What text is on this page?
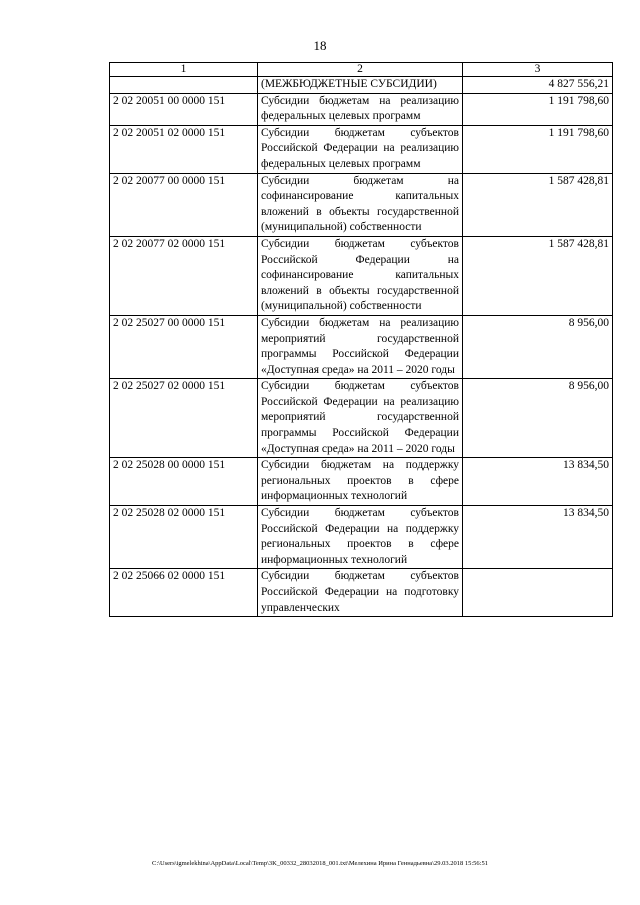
18
1	2	3
	(МЕЖБЮДЖЕТНЫЕ СУБСИДИИ)	4 827 556,21
2 02 20051 00 0000 151	Субсидии бюджетам на реализацию федеральных целевых программ	1 191 798,60
2 02 20051 02 0000 151	Субсидии бюджетам субъектов Российской Федерации на реализацию федеральных целевых программ	1 191 798,60
2 02 20077 00 0000 151	Субсидии бюджетам на софинансирование капитальных вложений в объекты государственной (муниципальной) собственности	1 587 428,81
2 02 20077 02 0000 151	Субсидии бюджетам субъектов Российской Федерации на софинансирование капитальных вложений в объекты государственной (муниципальной) собственности	1 587 428,81
2 02 25027 00 0000 151	Субсидии бюджетам на реализацию мероприятий государственной программы Российской Федерации «Доступная среда» на 2011 – 2020 годы	8 956,00
2 02 25027 02 0000 151	Субсидии бюджетам субъектов Российской Федерации на реализацию мероприятий государственной программы Российской Федерации «Доступная среда» на 2011 – 2020 годы	8 956,00
2 02 25028 00 0000 151	Субсидии бюджетам на поддержку региональных проектов в сфере информационных технологий	13 834,50
2 02 25028 02 0000 151	Субсидии бюджетам субъектов Российской Федерации на поддержку региональных проектов в сфере информационных технологий	13 834,50
2 02 25066 02 0000 151	Субсидии бюджетам субъектов Российской Федерации на подготовку управленческих	
C:\Users\igmelekhina\AppData\Local\Temp\3K_00332_28032018_001.txt\Мелехина Ирина Геннадьевна\29.03.2018 15:56:51
